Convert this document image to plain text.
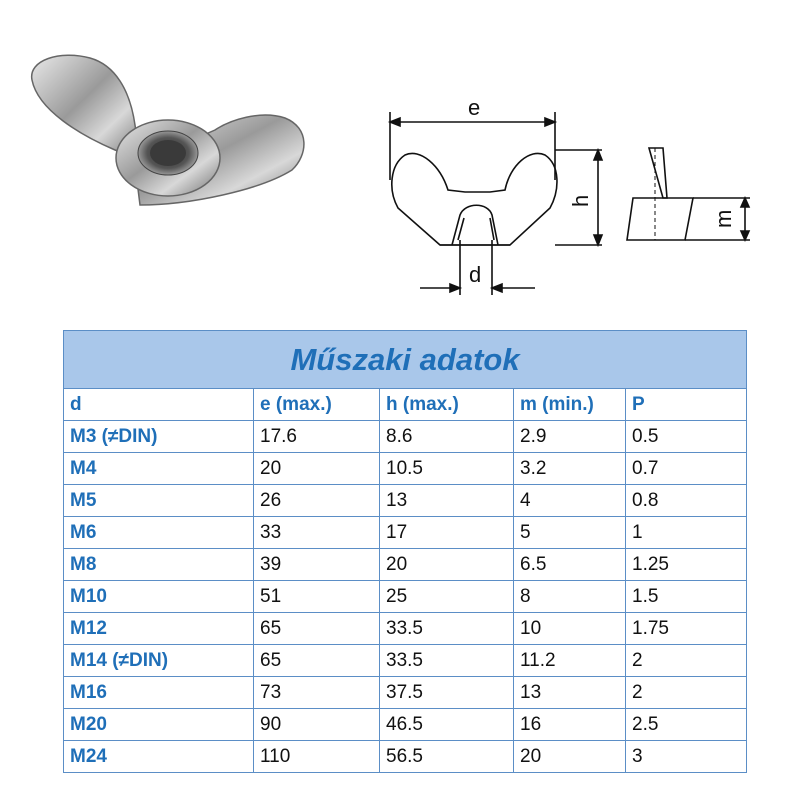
e
h
d
m
Műszaki adatok				
d	e (max.)	h (max.)	m (min.)	P
M3 (≠DIN)	17.6	8.6	2.9	0.5
M4	20	10.5	3.2	0.7
M5	26	13	4	0.8
M6	33	17	5	1
M8	39	20	6.5	1.25
M10	51	25	8	1.5
M12	65	33.5	10	1.75
M14 (≠DIN)	65	33.5	11.2	2
M16	73	37.5	13	2
M20	90	46.5	16	2.5
M24	110	56.5	20	3
